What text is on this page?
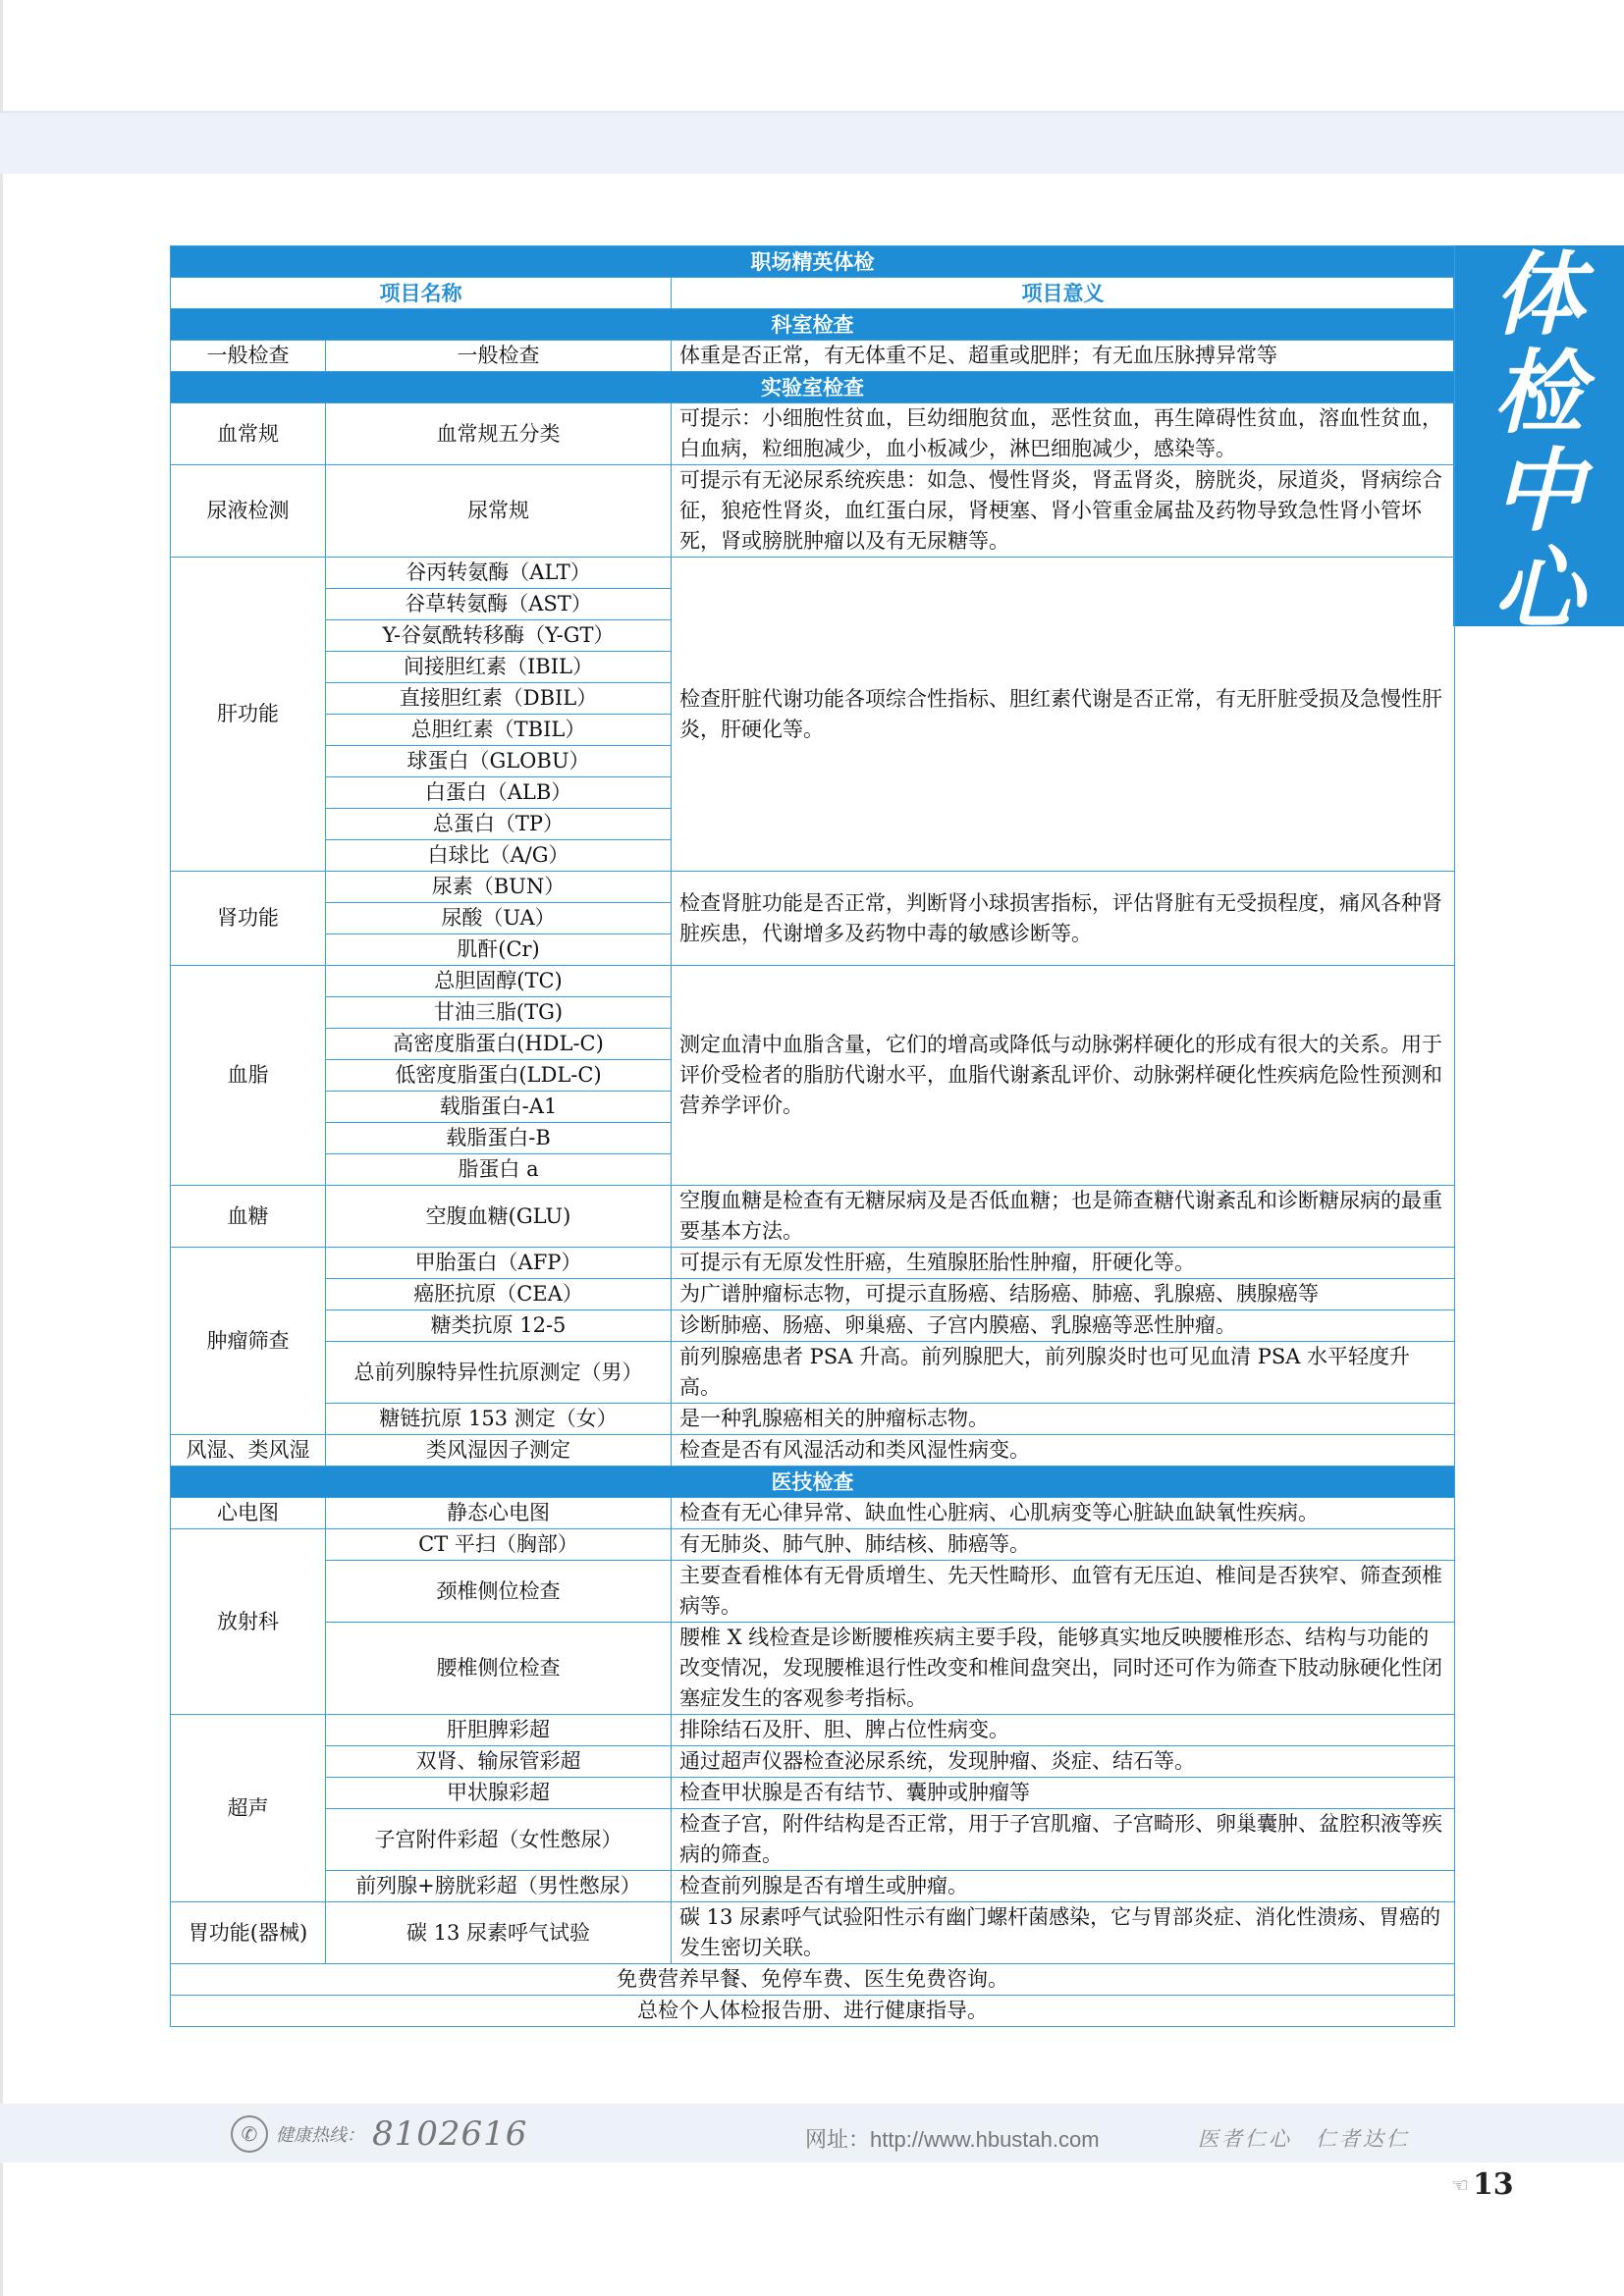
体
检
中
心
职场精英体检		
项目名称		项目意义
科室检查		
一般检查	一般检查	体重是否正常，有无体重不足、超重或肥胖；有无血压脉搏异常等
实验室检查		
血常规	血常规五分类	可提示：小细胞性贫血，巨幼细胞贫血，恶性贫血，再生障碍性贫血，溶血性贫血，白血病，粒细胞减少，血小板减少，淋巴细胞减少，感染等。
尿液检测	尿常规	可提示有无泌尿系统疾患：如急、慢性肾炎，肾盂肾炎，膀胱炎，尿道炎，肾病综合征，狼疮性肾炎，血红蛋白尿，肾梗塞、肾小管重金属盐及药物导致急性肾小管坏死，肾或膀胱肿瘤以及有无尿糖等。
肝功能	谷丙转氨酶（ALT）	检查肝脏代谢功能各项综合性指标、胆红素代谢是否正常，有无肝脏受损及急慢性肝炎，肝硬化等。
	谷草转氨酶（AST）	
	Y-谷氨酰转移酶（Y-GT）	
	间接胆红素（IBIL）	
	直接胆红素（DBIL）	
	总胆红素（TBIL）	
	球蛋白（GLOBU）	
	白蛋白（ALB）	
	总蛋白（TP）	
	白球比（A/G）	
肾功能	尿素（BUN）	检查肾脏功能是否正常，判断肾小球损害指标，评估肾脏有无受损程度，痛风各种肾脏疾患，代谢增多及药物中毒的敏感诊断等。
	尿酸（UA）	
	肌酐(Cr)	
血脂	总胆固醇(TC)	测定血清中血脂含量，它们的增高或降低与动脉粥样硬化的形成有很大的关系。用于评价受检者的脂肪代谢水平，血脂代谢紊乱评价、动脉粥样硬化性疾病危险性预测和营养学评价。
	甘油三脂(TG)	
	高密度脂蛋白(HDL-C)	
	低密度脂蛋白(LDL-C)	
	载脂蛋白-A1	
	载脂蛋白-B	
	脂蛋白 a	
血糖	空腹血糖(GLU)	空腹血糖是检查有无糖尿病及是否低血糖；也是筛查糖代谢紊乱和诊断糖尿病的最重要基本方法。
肿瘤筛查	甲胎蛋白（AFP）	可提示有无原发性肝癌，生殖腺胚胎性肿瘤，肝硬化等。
	癌胚抗原（CEA）	为广谱肿瘤标志物，可提示直肠癌、结肠癌、肺癌、乳腺癌、胰腺癌等
	糖类抗原 12-5	诊断肺癌、肠癌、卵巢癌、子宫内膜癌、乳腺癌等恶性肿瘤。
	总前列腺特异性抗原测定（男）	前列腺癌患者 PSA 升高。前列腺肥大，前列腺炎时也可见血清 PSA 水平轻度升高。
	糖链抗原 153 测定（女）	是一种乳腺癌相关的肿瘤标志物。
风湿、类风湿	类风湿因子测定	检查是否有风湿活动和类风湿性病变。
医技检查		
心电图	静态心电图	检查有无心律异常、缺血性心脏病、心肌病变等心脏缺血缺氧性疾病。
放射科	CT 平扫（胸部）	有无肺炎、肺气肿、肺结核、肺癌等。
	颈椎侧位检查	主要查看椎体有无骨质增生、先天性畸形、血管有无压迫、椎间是否狭窄、筛查颈椎病等。
	腰椎侧位检查	腰椎 X 线检查是诊断腰椎疾病主要手段，能够真实地反映腰椎形态、结构与功能的改变情况，发现腰椎退行性改变和椎间盘突出，同时还可作为筛查下肢动脉硬化性闭塞症发生的客观参考指标。
超声	肝胆脾彩超	排除结石及肝、胆、脾占位性病变。
	双肾、输尿管彩超	通过超声仪器检查泌尿系统，发现肿瘤、炎症、结石等。
	甲状腺彩超	检查甲状腺是否有结节、囊肿或肿瘤等
	子宫附件彩超（女性憋尿）	检查子宫，附件结构是否正常，用于子宫肌瘤、子宫畸形、卵巢囊肿、盆腔积液等疾病的筛查。
	前列腺+膀胱彩超（男性憋尿）	检查前列腺是否有增生或肿瘤。
胃功能(器械)	碳 13 尿素呼气试验	碳 13 尿素呼气试验阳性示有幽门螺杆菌感染，它与胃部炎症、消化性溃疡、胃癌的发生密切关联。
免费营养早餐、免停车费、医生免费咨询。		
总检个人体检报告册、进行健康指导。		
✆	健康热线： 8102616	网址：http://www.hbustah.com	医者仁心　仁者达仁
☜ 13
